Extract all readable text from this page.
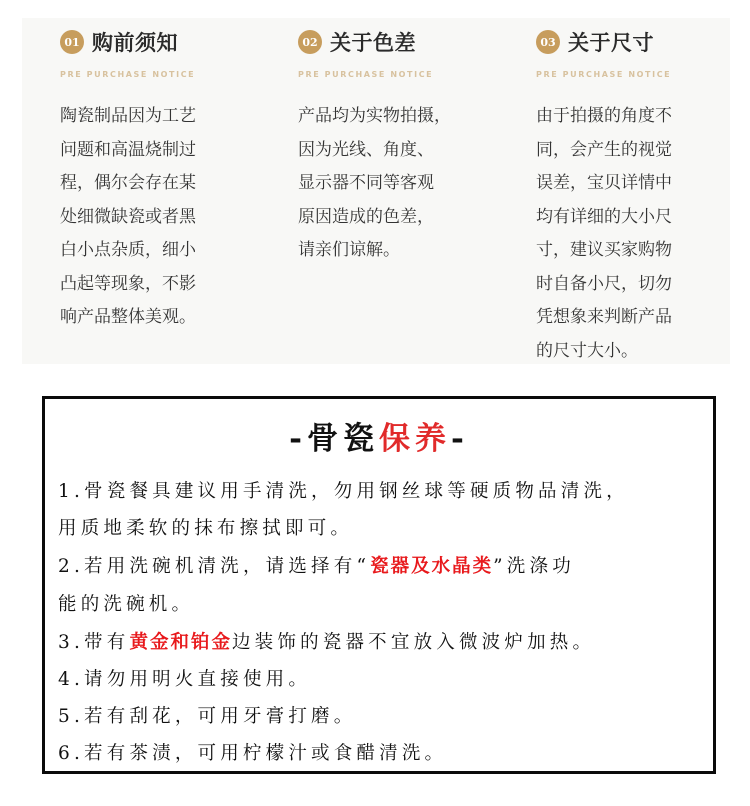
01 购前须知
PRE PURCHASE NOTICE
陶瓷制品因为工艺
问题和高温烧制过
程，偶尔会存在某
处细微缺瓷或者黑
白小点杂质，细小
凸起等现象，不影
响产品整体美观。
02 关于色差
PRE PURCHASE NOTICE
产品均为实物拍摄，
因为光线、角度、
显示器不同等客观
原因造成的色差，
请亲们谅解。
03 关于尺寸
PRE PURCHASE NOTICE
由于拍摄的角度不
同，会产生的视觉
误差，宝贝详情中
均有详细的大小尺
寸，建议买家购物
时自备小尺，切勿
凭想象来判断产品
的尺寸大小。
-骨瓷保养-
1.骨瓷餐具建议用手清洗，勿用钢丝球等硬质物品清洗，
用质地柔软的抹布擦拭即可。
2.若用洗碗机清洗，请选择有“瓷器及水晶类”洗涤功
能的洗碗机。
3.带有黄金和铂金边装饰的瓷器不宜放入微波炉加热。
4.请勿用明火直接使用。
5.若有刮花，可用牙膏打磨。
6.若有茶渍，可用柠檬汁或食醋清洗。
